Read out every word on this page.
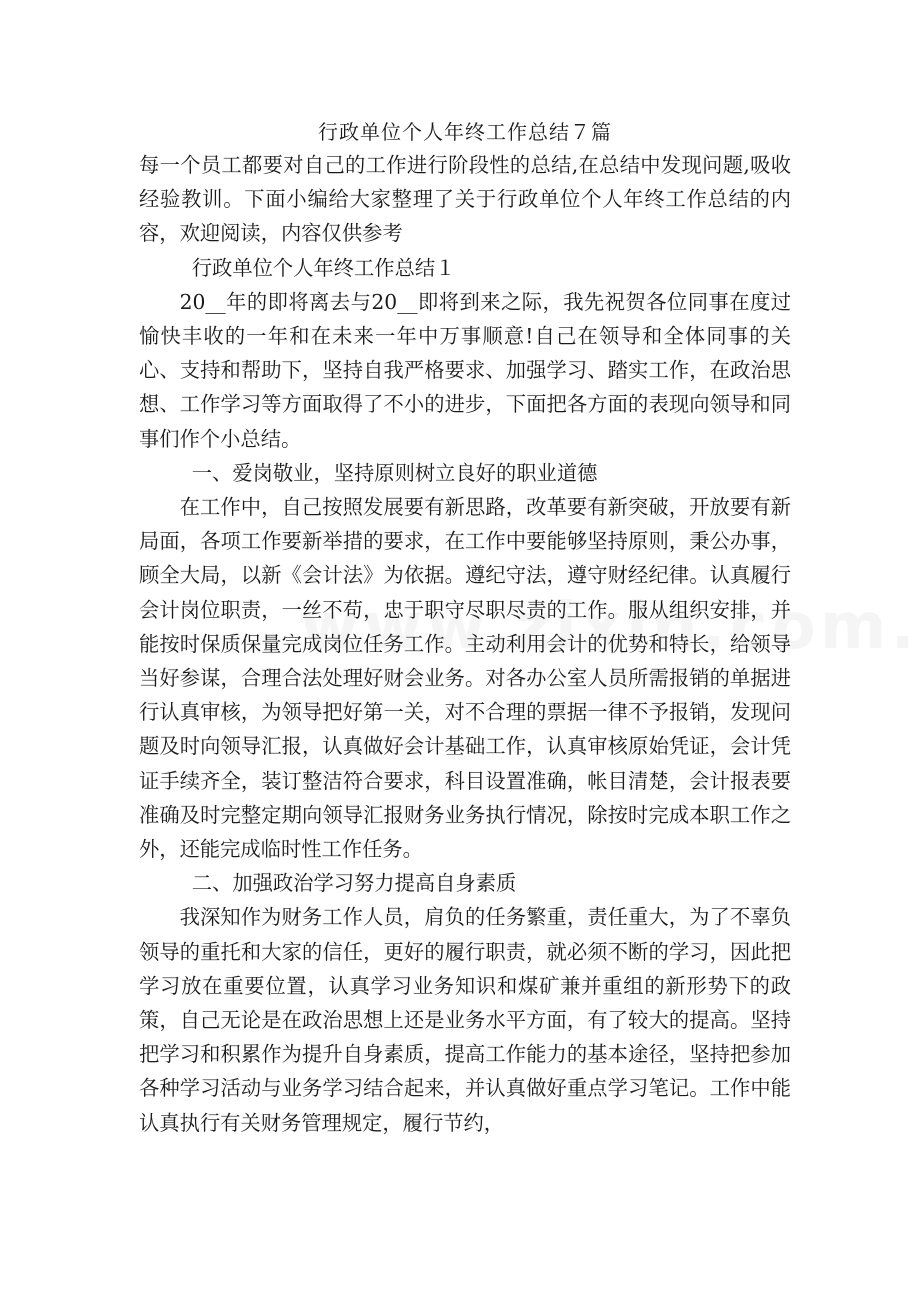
行政单位个人年终工作总结７篇

每一个员工都要对自己的工作进行阶段性的总结,在总结中发现问题,吸收经验教训。下面小编给大家整理了关于行政单位个人年终工作总结的内容，欢迎阅读，内容仅供参考

行政单位个人年终工作总结１

20__年的即将离去与20__即将到来之际，我先祝贺各位同事在度过愉快丰收的一年和在未来一年中万事顺意!自己在领导和全体同事的关心、支持和帮助下，坚持自我严格要求、加强学习、踏实工作，在政治思想、工作学习等方面取得了不小的进步，下面把各方面的表现向领导和同事们作个小总结。

一、爱岗敬业，坚持原则树立良好的职业道德

在工作中，自己按照发展要有新思路，改革要有新突破，开放要有新局面，各项工作要新举措的要求，在工作中要能够坚持原则，秉公办事，顾全大局，以新《会计法》为依据。遵纪守法，遵守财经纪律。认真履行会计岗位职责，一丝不苟，忠于职守尽职尽责的工作。服从组织安排，并能按时保质保量完成岗位任务工作。主动利用会计的优势和特长，给领导当好参谋，合理合法处理好财会业务。对各办公室人员所需报销的单据进行认真审核，为领导把好第一关，对不合理的票据一律不予报销，发现问题及时向领导汇报，认真做好会计基础工作，认真审核原始凭证，会计凭证手续齐全，装订整洁符合要求，科目设置准确，帐目清楚，会计报表要准确及时完整定期向领导汇报财务业务执行情况，除按时完成本职工作之外，还能完成临时性工作任务。

二、加强政治学习努力提高自身素质

我深知作为财务工作人员，肩负的任务繁重，责任重大，为了不辜负领导的重托和大家的信任，更好的履行职责，就必须不断的学习，因此把学习放在重要位置，认真学习业务知识和煤矿兼并重组的新形势下的政策，自己无论是在政治思想上还是业务水平方面，有了较大的提高。坚持把学习和积累作为提升自身素质，提高工作能力的基本途径，坚持把参加各种学习活动与业务学习结合起来，并认真做好重点学习笔记。工作中能认真执行有关财务管理规定，履行节约，
